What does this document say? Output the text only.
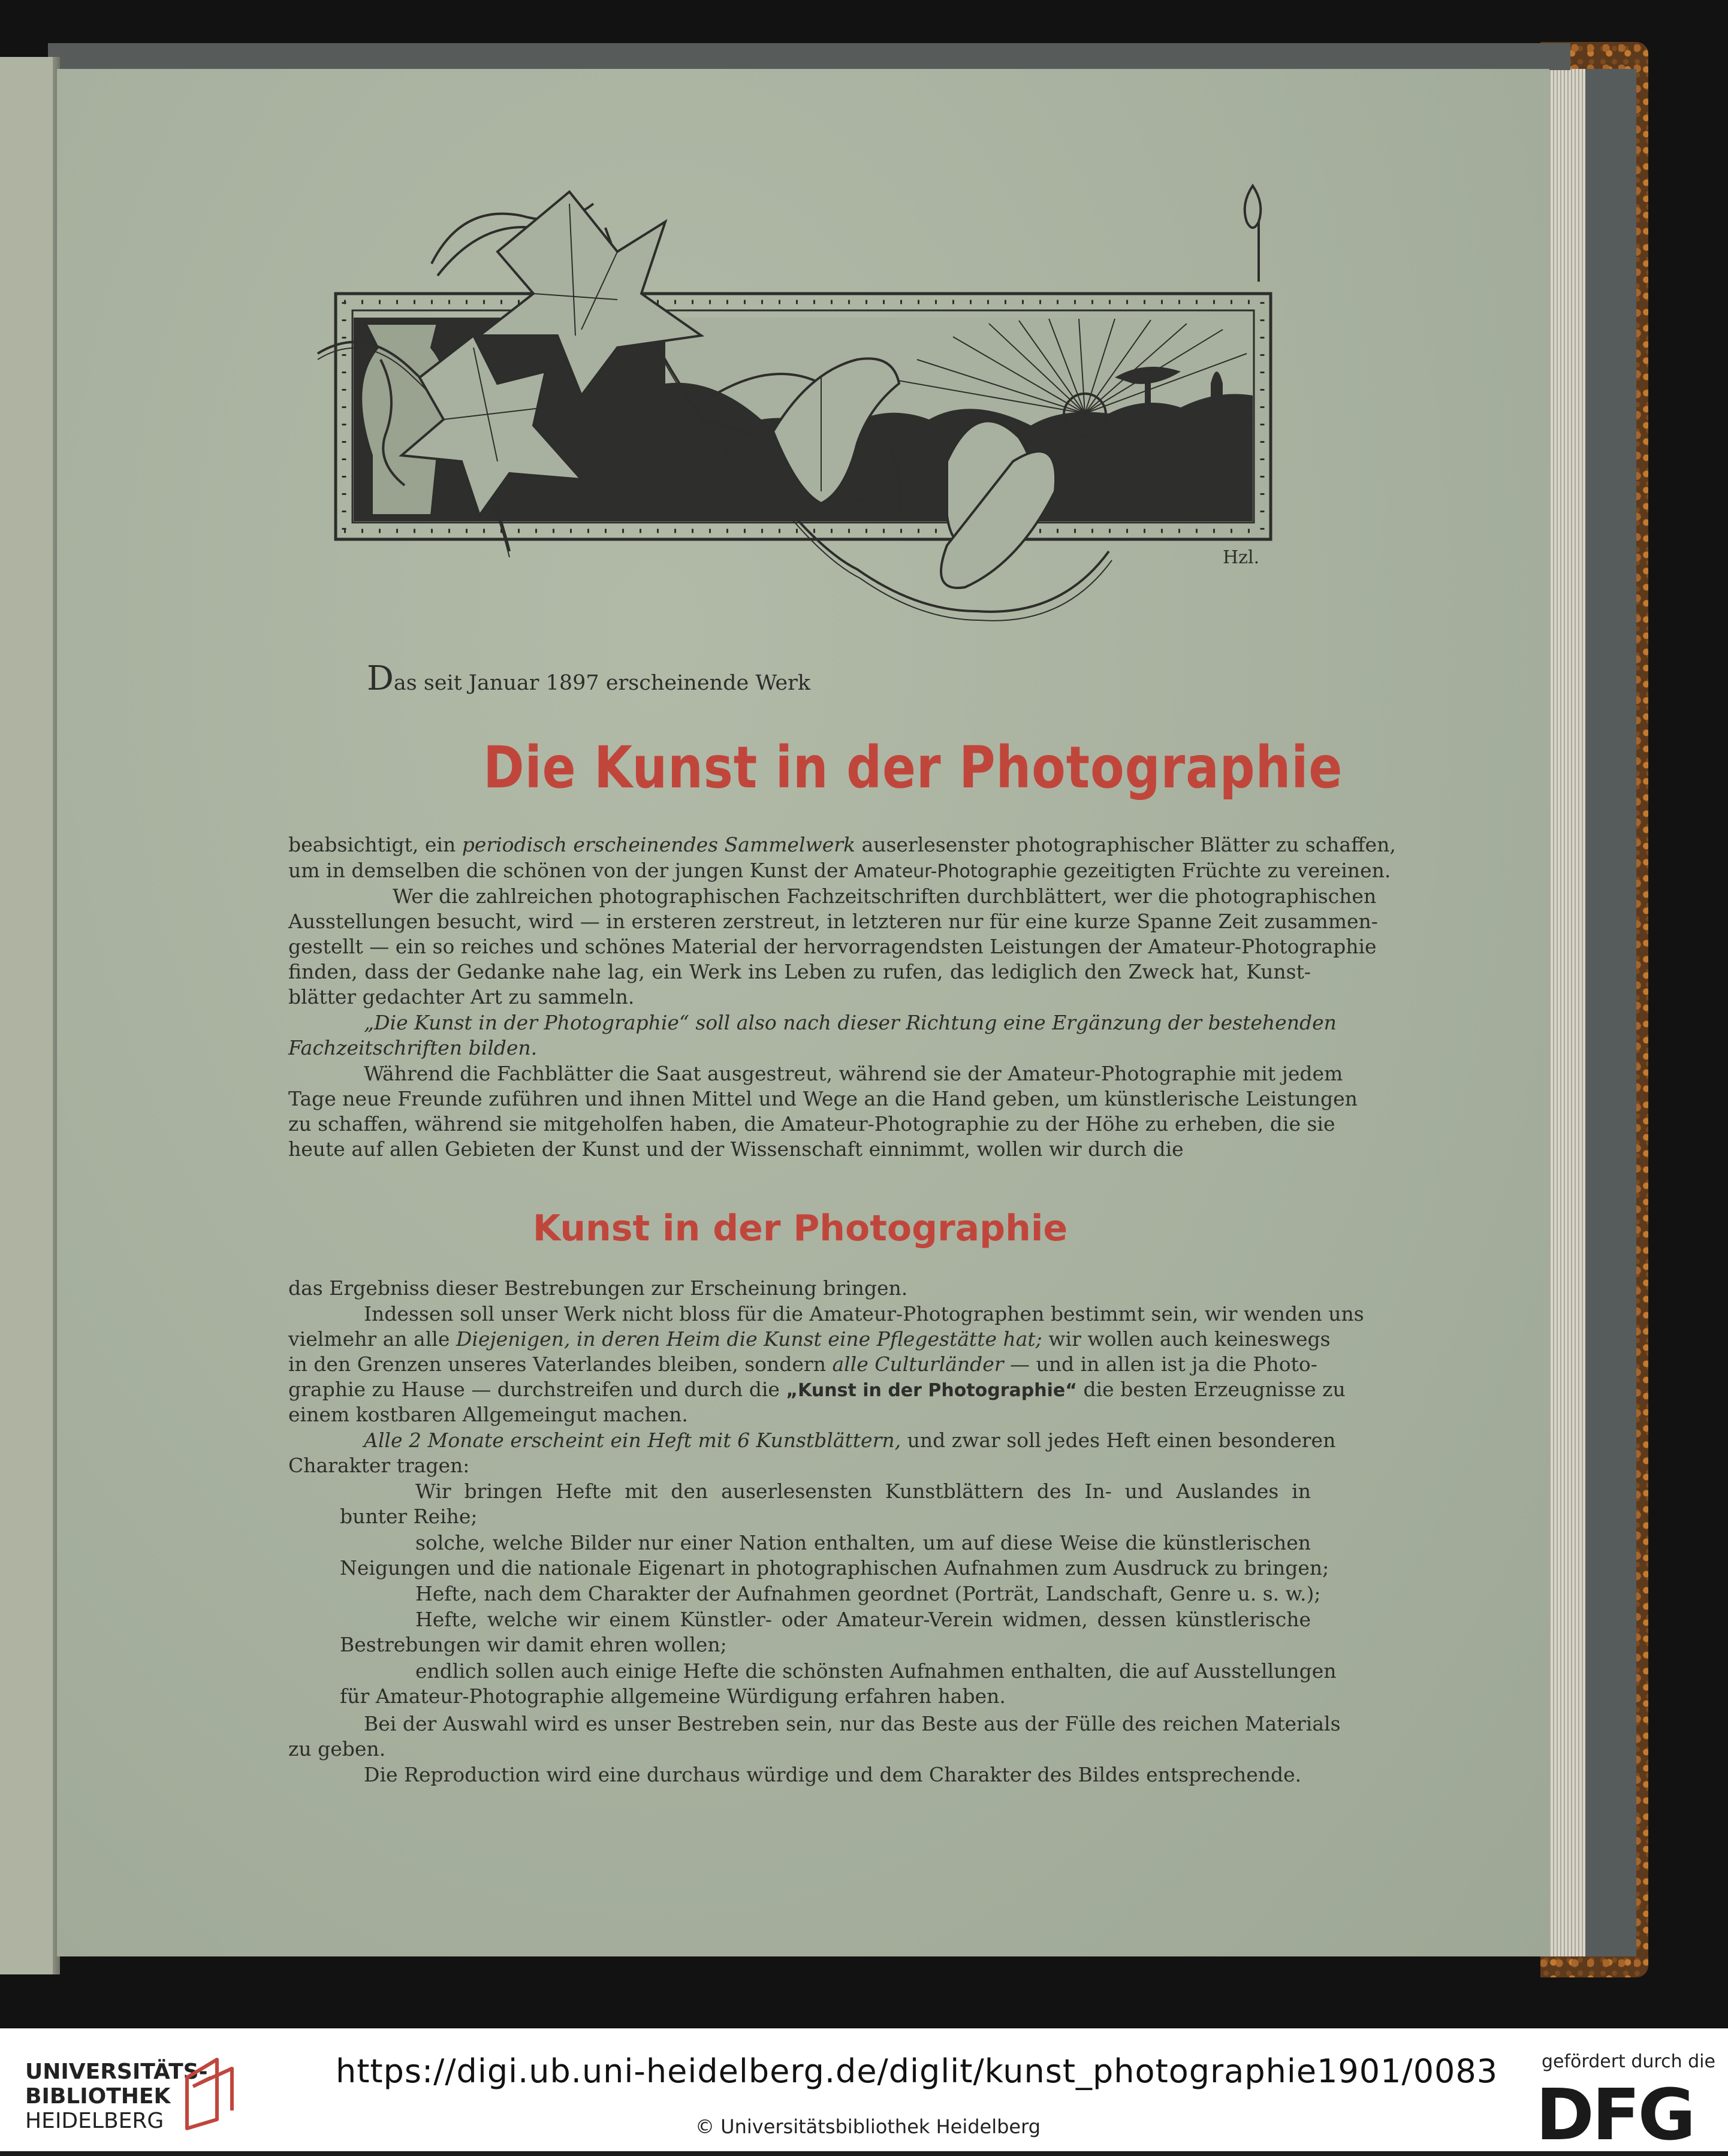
Hzl.
Das seit Januar 1897 erscheinende Werk
Die Kunst in der Photographie
beabsichtigt, ein periodisch erscheinendes Sammelwerk auserlesenster photographischer Blätter zu schaffen,
um in demselben die schönen von der jungen Kunst der Amateur-Photographie gezeitigten Früchte zu vereinen.
Wer die zahlreichen photographischen Fachzeitschriften durchblättert, wer die photographischen
Ausstellungen besucht, wird — in ersteren zerstreut, in letzteren nur für eine kurze Spanne Zeit zusammen-
gestellt — ein so reiches und schönes Material der hervorragendsten Leistungen der Amateur-Photographie
finden, dass der Gedanke nahe lag, ein Werk ins Leben zu rufen, das lediglich den Zweck hat, Kunst-
blätter gedachter Art zu sammeln.
„Die Kunst in der Photographie“ soll also nach dieser Richtung eine Ergänzung der bestehenden
Fachzeitschriften bilden.
Während die Fachblätter die Saat ausgestreut, während sie der Amateur-Photographie mit jedem
Tage neue Freunde zuführen und ihnen Mittel und Wege an die Hand geben, um künstlerische Leistungen
zu schaffen, während sie mitgeholfen haben, die Amateur-Photographie zu der Höhe zu erheben, die sie
heute auf allen Gebieten der Kunst und der Wissenschaft einnimmt, wollen wir durch die
Kunst in der Photographie
das Ergebniss dieser Bestrebungen zur Erscheinung bringen.
Indessen soll unser Werk nicht bloss für die Amateur-Photographen bestimmt sein, wir wenden uns
vielmehr an alle Diejenigen, in deren Heim die Kunst eine Pflegestätte hat; wir wollen auch keineswegs
in den Grenzen unseres Vaterlandes bleiben, sondern alle Culturländer — und in allen ist ja die Photo-
graphie zu Hause — durchstreifen und durch die „Kunst in der Photographie“ die besten Erzeugnisse zu
einem kostbaren Allgemeingut machen.
Alle 2 Monate erscheint ein Heft mit 6 Kunstblättern, und zwar soll jedes Heft einen besonderen
Charakter tragen:
Wir bringen Hefte mit den auserlesensten Kunstblättern des In- und Auslandes in
bunter Reihe;
solche, welche Bilder nur einer Nation enthalten, um auf diese Weise die künstlerischen
Neigungen und die nationale Eigenart in photographischen Aufnahmen zum Ausdruck zu bringen;
Hefte, nach dem Charakter der Aufnahmen geordnet (Porträt, Landschaft, Genre u. s. w.);
Hefte, welche wir einem Künstler- oder Amateur-Verein widmen, dessen künstlerische
Bestrebungen wir damit ehren wollen;
endlich sollen auch einige Hefte die schönsten Aufnahmen enthalten, die auf Ausstellungen
für Amateur-Photographie allgemeine Würdigung erfahren haben.
Bei der Auswahl wird es unser Bestreben sein, nur das Beste aus der Fülle des reichen Materials
zu geben.
Die Reproduction wird eine durchaus würdige und dem Charakter des Bildes entsprechende.
UNIVERSITÄTS-
BIBLIOTHEK
HEIDELBERG
https://digi.ub.uni-heidelberg.de/diglit/kunst_photographie1901/0083
© Universitätsbibliothek Heidelberg
gefördert durch die
DFG
